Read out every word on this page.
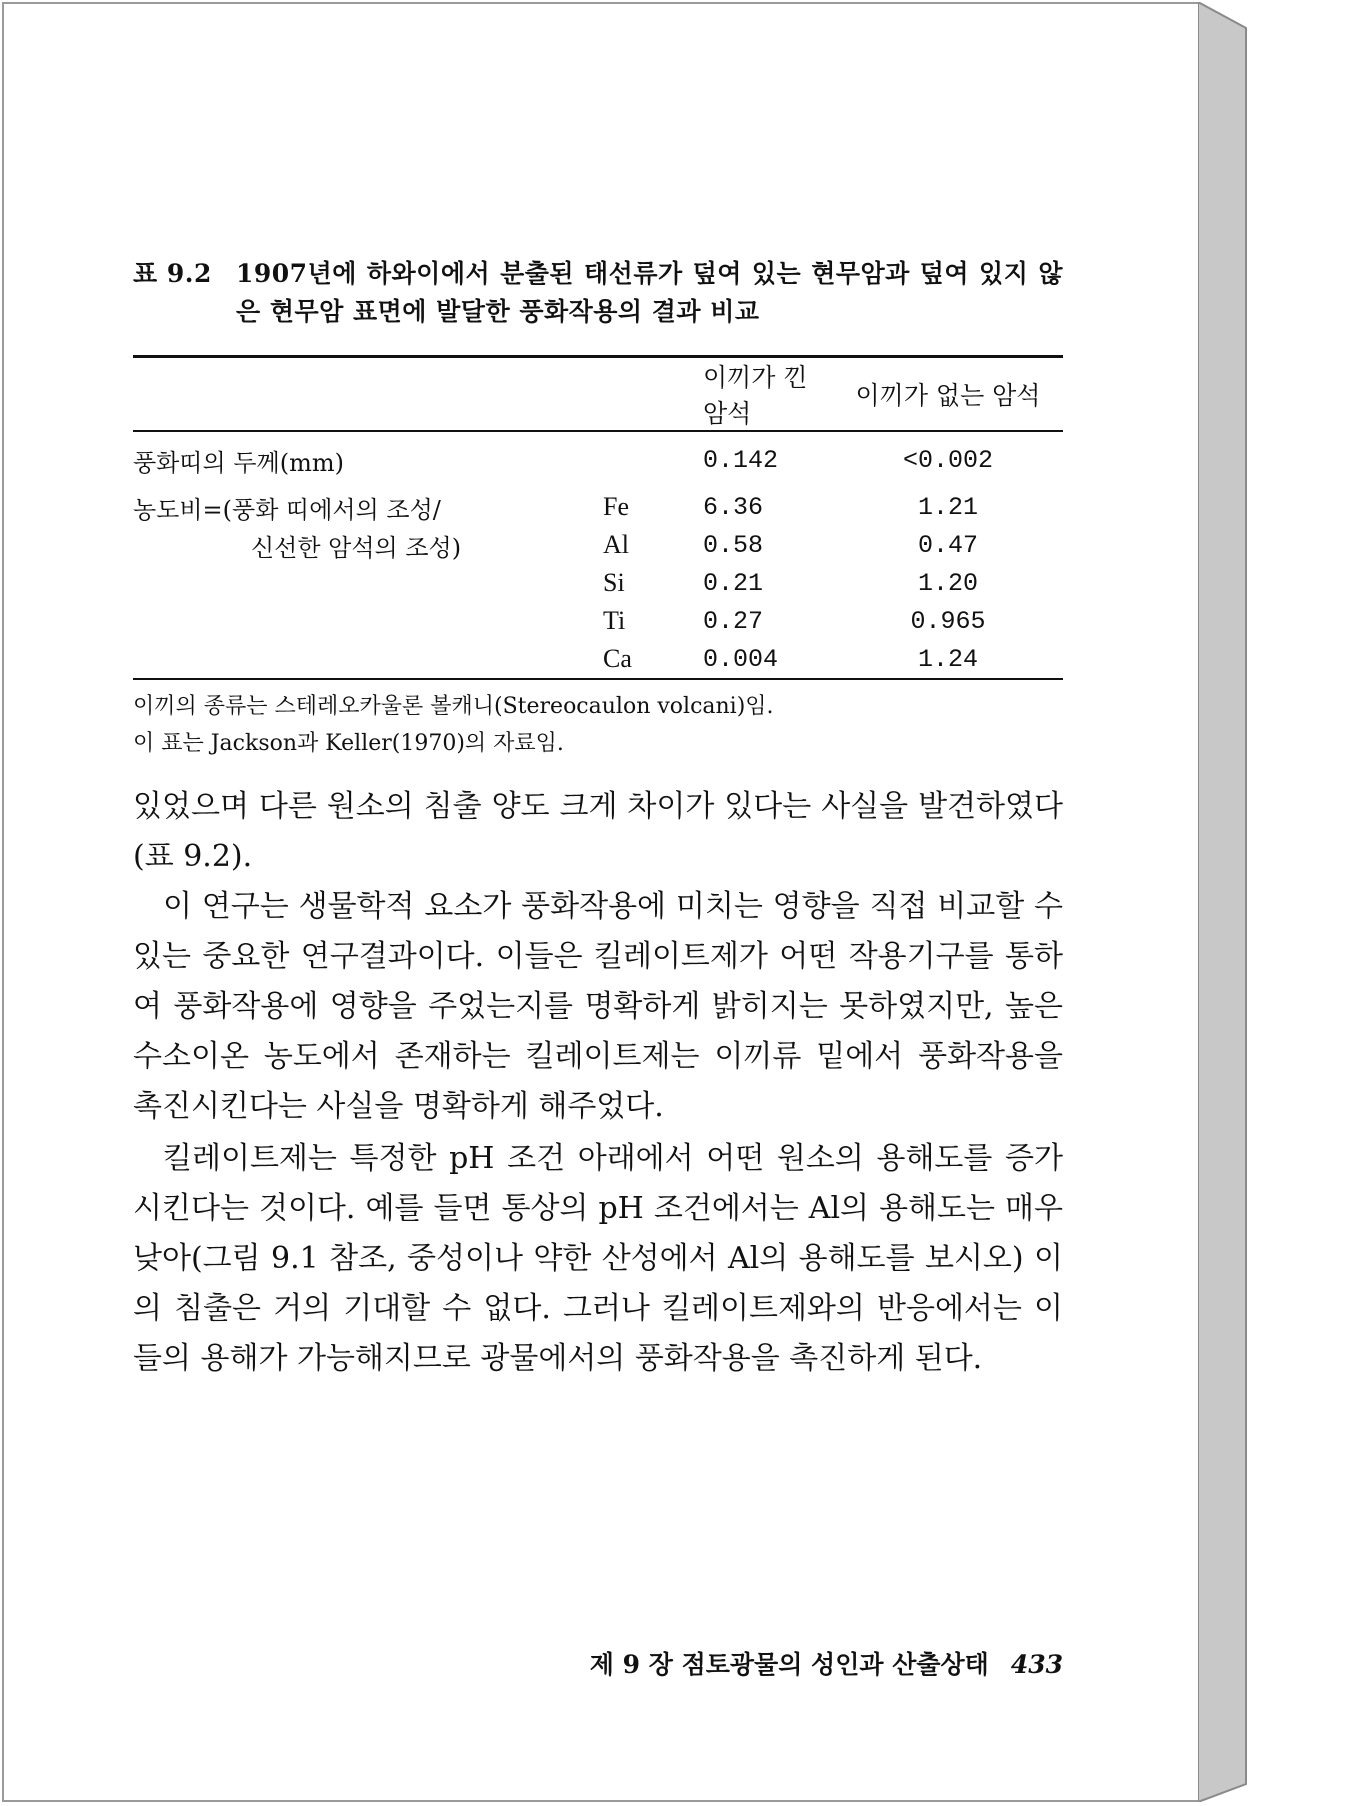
표 9.2 1907년에 하와이에서 분출된 태선류가 덮여 있는 현무암과 덮여 있지 않은 현무암 표면에 발달한 풍화작용의 결과 비교
		이끼가 낀 암석	이끼가 없는 암석
풍화띠의 두께(mm)		0.142	<0.002
농도비=(풍화 띠에서의 조성/	Fe	6.36	1.21

신선한 암석의 조성)	Al	0.58	0.47
	Si	0.21	1.20
	Ti	0.27	0.965
	Ca	0.004	1.24
이끼의 종류는 스테레오카울론 볼캐니(Stereocaulon volcani)임.
이 표는 Jackson과 Keller(1970)의 자료임.

있었으며 다른 원소의 침출 양도 크게 차이가 있다는 사실을 발견하였다(표 9.2).

이 연구는 생물학적 요소가 풍화작용에 미치는 영향을 직접 비교할 수 있는 중요한 연구결과이다. 이들은 킬레이트제가 어떤 작용기구를 통하여 풍화작용에 영향을 주었는지를 명확하게 밝히지는 못하였지만, 높은 수소이온 농도에서 존재하는 킬레이트제는 이끼류 밑에서 풍화작용을 촉진시킨다는 사실을 명확하게 해주었다.

킬레이트제는 특정한 pH 조건 아래에서 어떤 원소의 용해도를 증가시킨다는 것이다. 예를 들면 통상의 pH 조건에서는 Al의 용해도는 매우 낮아(그림 9.1 참조, 중성이나 약한 산성에서 Al의 용해도를 보시오) 이의 침출은 거의 기대할 수 없다. 그러나 킬레이트제와의 반응에서는 이들의 용해가 가능해지므로 광물에서의 풍화작용을 촉진하게 된다.

제 9 장 점토광물의 성인과 산출상태 433
